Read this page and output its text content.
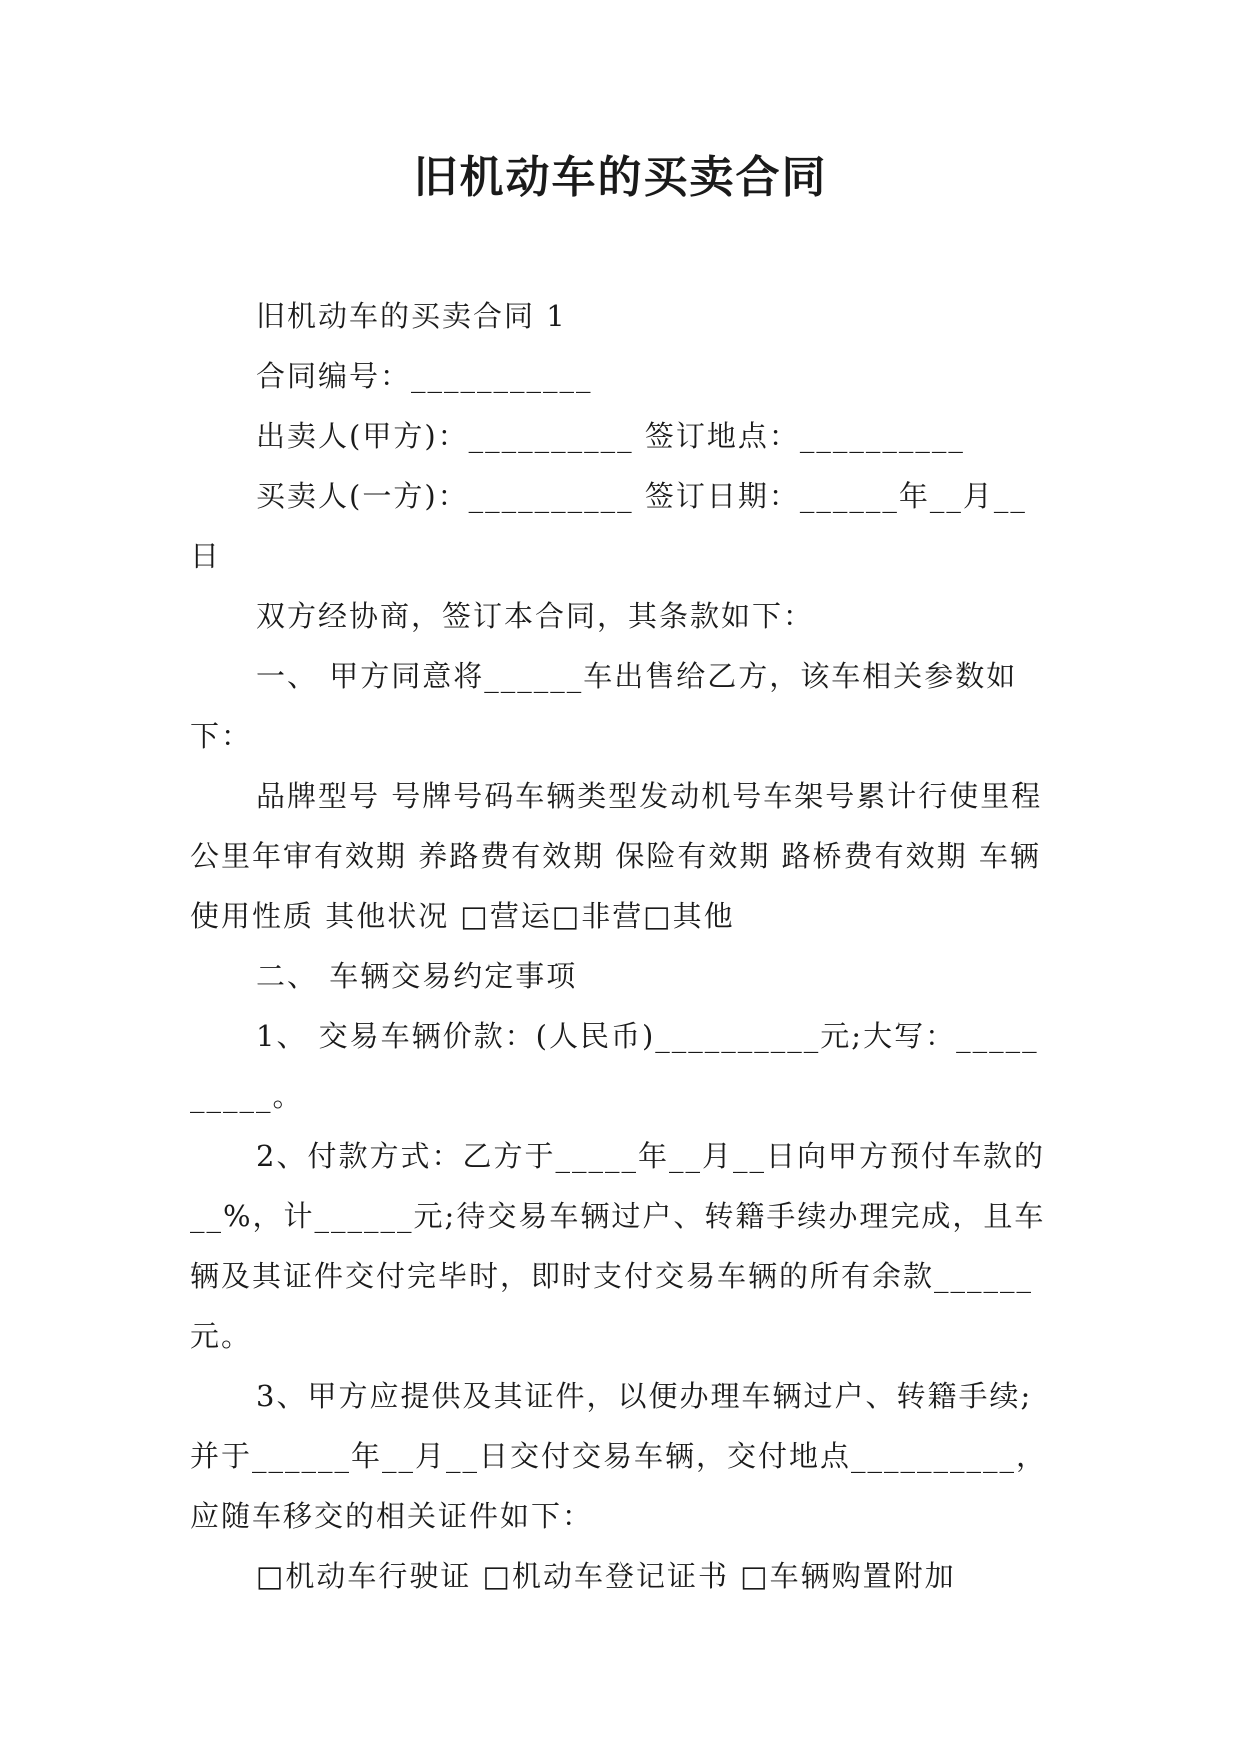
旧机动车的买卖合同

旧机动车的买卖合同 1

合同编号：___________

出卖人(甲方)：__________ 签订地点：__________

买卖人(一方)：__________ 签订日期：______年__月__日

双方经协商，签订本合同，其条款如下：

一、 甲方同意将______车出售给乙方，该车相关参数如下：

品牌型号 号牌号码车辆类型发动机号车架号累计行使里程 公里年审有效期 养路费有效期 保险有效期 路桥费有效期 车辆使用性质 其他状况 □营运□非营□其他

二、 车辆交易约定事项

1、 交易车辆价款：(人民币)__________元;大写：__________。

2、付款方式：乙方于_____年__月__日向甲方预付车款的__%，计______元;待交易车辆过户、转籍手续办理完成，且车辆及其证件交付完毕时，即时支付交易车辆的所有余款______元。

3、甲方应提供及其证件，以便办理车辆过户、转籍手续;并于______年__月__日交付交易车辆，交付地点__________，应随车移交的相关证件如下：

□机动车行驶证 □机动车登记证书 □车辆购置附加
